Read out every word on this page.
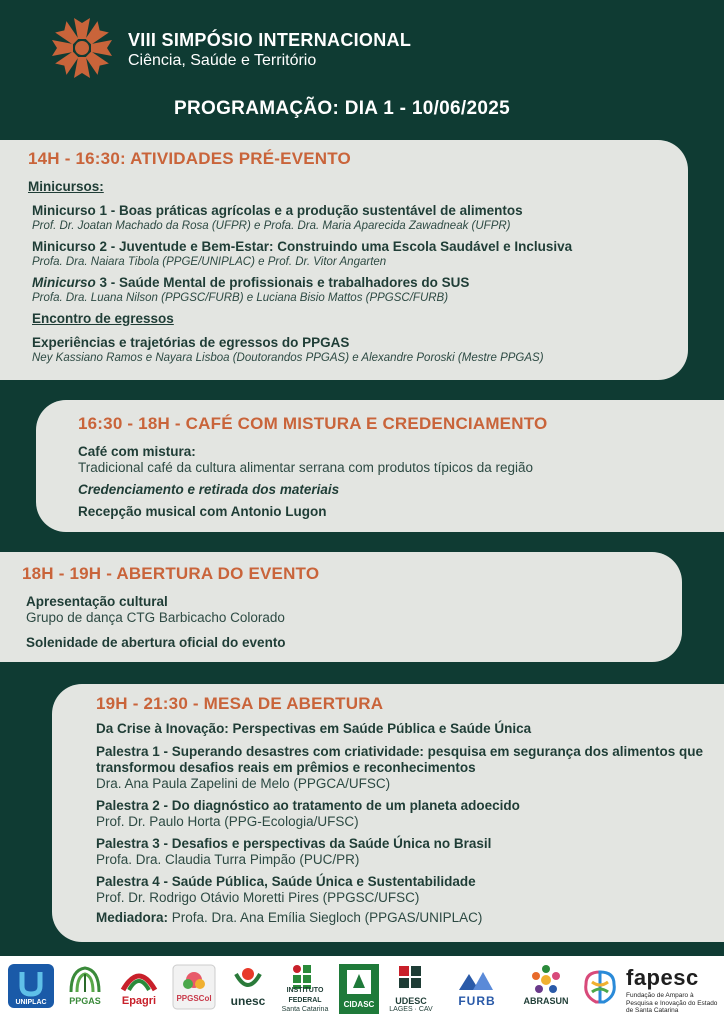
VIII SIMPÓSIO INTERNACIONAL
Ciência, Saúde e Território
PROGRAMAÇÃO: DIA 1 - 10/06/2025
14H - 16:30: ATIVIDADES PRÉ-EVENTO
Minicursos:
Minicurso 1 - Boas práticas agrícolas e a produção sustentável de alimentos
Prof. Dr. Joatan Machado da Rosa (UFPR) e Profa. Dra. Maria Aparecida Zawadneak (UFPR)
Minicurso 2 - Juventude e Bem-Estar: Construindo uma Escola Saudável e Inclusiva
Profa. Dra. Naiara Tibola (PPGE/UNIPLAC) e Prof. Dr. Vitor Angarten
Minicurso 3 - Saúde Mental de profissionais e trabalhadores do SUS
Profa. Dra. Luana Nilson (PPGSC/FURB) e Luciana Bisio Mattos (PPGSC/FURB)
Encontro de egressos
Experiências e trajetórias de egressos do PPGAS
Ney Kassiano Ramos e Nayara Lisboa (Doutorandos PPGAS) e Alexandre Poroski (Mestre PPGAS)
16:30 - 18H - CAFÉ COM MISTURA E CREDENCIAMENTO
Café com mistura:
Tradicional café da cultura alimentar serrana com produtos típicos da região
Credenciamento e retirada dos materiais
Recepção musical com Antonio Lugon
18H - 19H - ABERTURA DO EVENTO
Apresentação cultural
Grupo de dança CTG Barbicacho Colorado
Solenidade de abertura oficial do evento
19H - 21:30 - MESA DE ABERTURA
Da Crise à Inovação: Perspectivas em Saúde Pública e Saúde Única
Palestra 1 - Superando desastres com criatividade: pesquisa em segurança dos alimentos que transformou desafios reais em prêmios e reconhecimentos
Dra. Ana Paula Zapelini de Melo (PPGCA/UFSC)
Palestra 2 - Do diagnóstico ao tratamento de um planeta adoecido
Prof. Dr. Paulo Horta (PPG-Ecologia/UFSC)
Palestra 3 - Desafios e perspectivas da Saúde Única no Brasil
Profa. Dra. Claudia Turra Pimpão (PUC/PR)
Palestra 4 - Saúde Pública, Saúde Única e Sustentabilidade
Prof. Dr. Rodrigo Otávio Moretti Pires (PPGSC/UFSC)
Mediadora: Profa. Dra. Ana Emília Siegloch (PPGAS/UNIPLAC)
UNIPLAC	PPGAS	Epagri	PPGSCol	unesc
INSTITUTO FEDERAL
Santa Catarina
CIDASC	UDESC
LAGES · CAV
FURB	ABRASUN
fapesc
Fundação de Amparo à Pesquisa e Inovação do Estado de Santa Catarina
